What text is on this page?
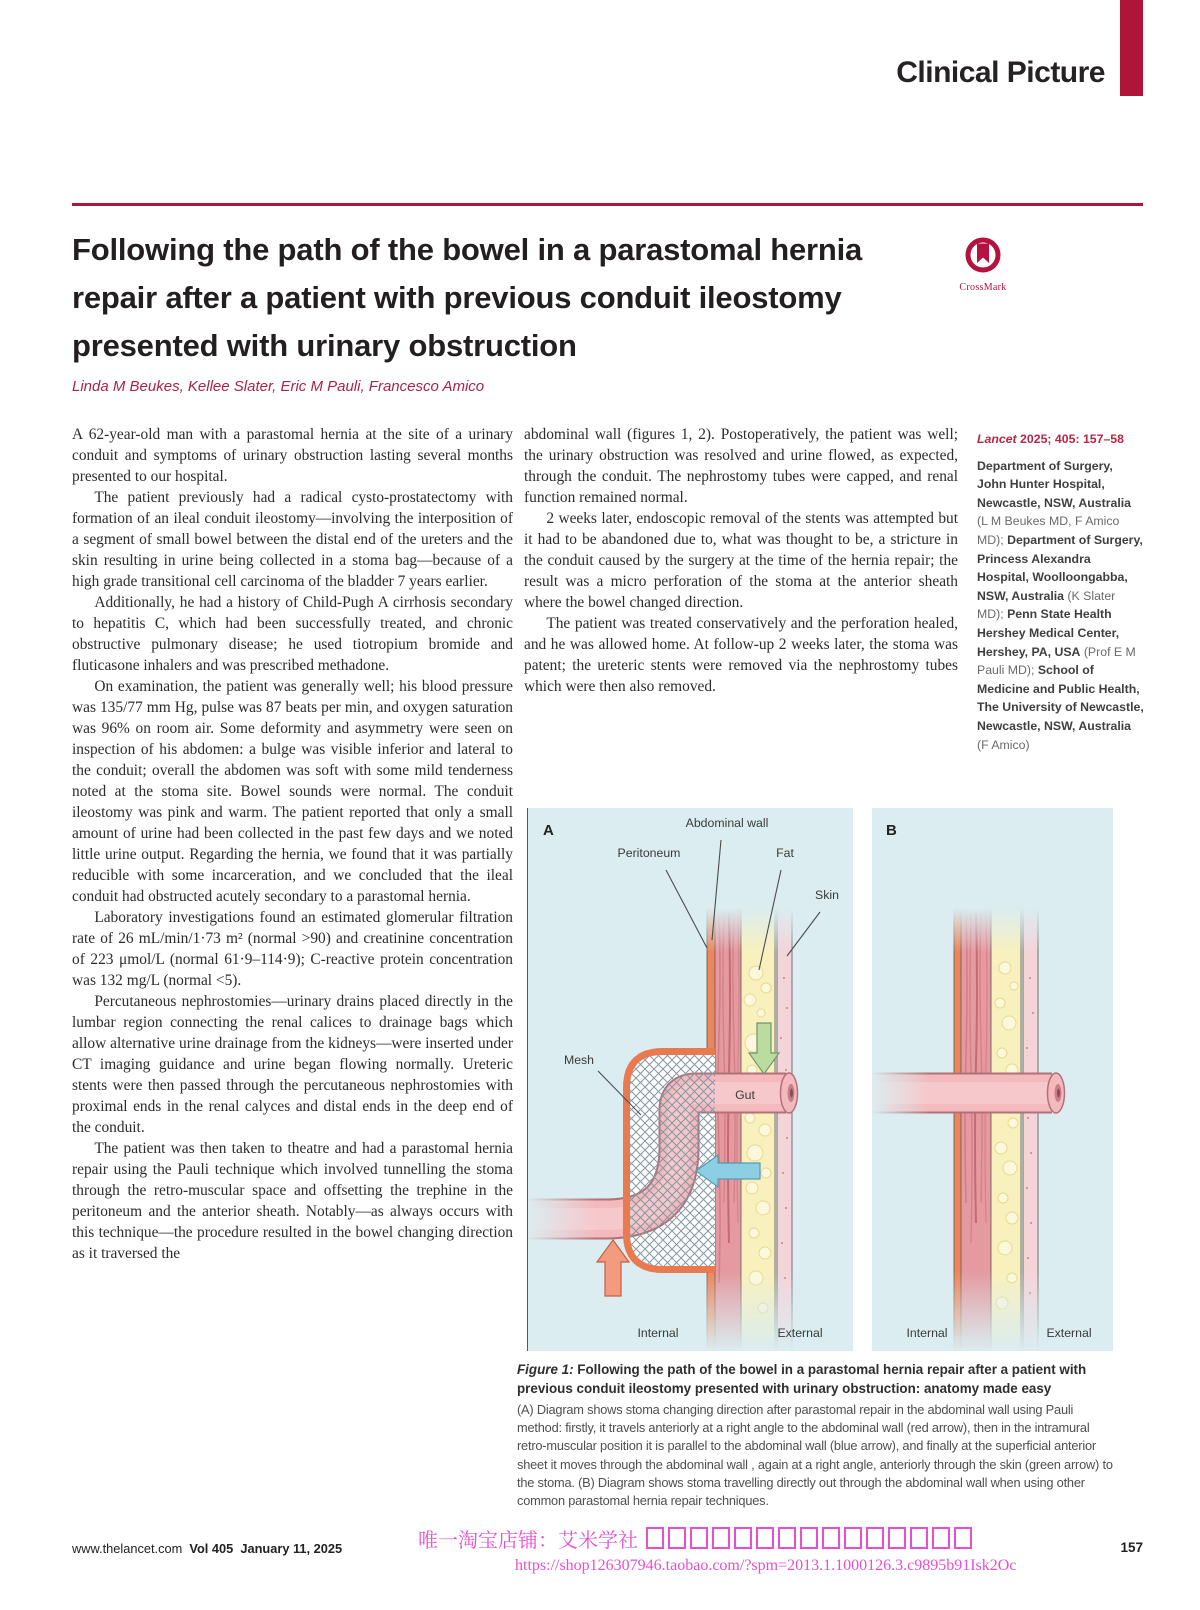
Clinical Picture
Following the path of the bowel in a parastomal hernia repair after a patient with previous conduit ileostomy presented with urinary obstruction
Linda M Beukes, Kellee Slater, Eric M Pauli, Francesco Amico
CrossMark

A 62-year-old man with a parastomal hernia at the site of a urinary conduit and symptoms of urinary obstruction lasting several months presented to our hospital.

The patient previously had a radical cysto-prostatectomy with formation of an ileal conduit ileostomy—involving the interposition of a segment of small bowel between the distal end of the ureters and the skin resulting in urine being collected in a stoma bag—because of a high grade transitional cell carcinoma of the bladder 7 years earlier.

Additionally, he had a history of Child-Pugh A cirrhosis secondary to hepatitis C, which had been successfully treated, and chronic obstructive pulmonary disease; he used tiotropium bromide and fluticasone inhalers and was prescribed methadone.

On examination, the patient was generally well; his blood pressure was 135/77 mm Hg, pulse was 87 beats per min, and oxygen saturation was 96% on room air. Some deformity and asymmetry were seen on inspection of his abdomen: a bulge was visible inferior and lateral to the conduit; overall the abdomen was soft with some mild tenderness noted at the stoma site. Bowel sounds were normal. The conduit ileostomy was pink and warm. The patient reported that only a small amount of urine had been collected in the past few days and we noted little urine output. Regarding the hernia, we found that it was partially reducible with some incarceration, and we concluded that the ileal conduit had obstructed acutely secondary to a parastomal hernia.

Laboratory investigations found an estimated glomerular filtration rate of 26 mL/min/1·73 m² (normal >90) and creatinine concentration of 223 μmol/L (normal 61·9–114·9); C-reactive protein concentration was 132 mg/L (normal <5).

Percutaneous nephrostomies—urinary drains placed directly in the lumbar region connecting the renal calices to drainage bags which allow alternative urine drainage from the kidneys—were inserted under CT imaging guidance and urine began flowing normally. Ureteric stents were then passed through the percutaneous nephrostomies with proximal ends in the renal calyces and distal ends in the deep end of the conduit.

The patient was then taken to theatre and had a parastomal hernia repair using the Pauli technique which involved tunnelling the stoma through the retro-muscular space and offsetting the trephine in the peritoneum and the anterior sheath. Notably—as always occurs with this technique—the procedure resulted in the bowel changing direction as it traversed the

abdominal wall (figures 1, 2). Postoperatively, the patient was well; the urinary obstruction was resolved and urine flowed, as expected, through the conduit. The nephrostomy tubes were capped, and renal function remained normal.

2 weeks later, endoscopic removal of the stents was attempted but it had to be abandoned due to, what was thought to be, a stricture in the conduit caused by the surgery at the time of the hernia repair; the result was a micro perforation of the stoma at the anterior sheath where the bowel changed direction.

The patient was treated conservatively and the perforation healed, and he was allowed home. At follow-up 2 weeks later, the stoma was patent; the ureteric stents were removed via the nephrostomy tubes which were then also removed.

Lancet 2025; 405: 157–58
Department of Surgery, John Hunter Hospital, Newcastle, NSW, Australia (L M Beukes MD, F Amico MD); Department of Surgery, Princess Alexandra Hospital, Woolloongabba, NSW, Australia (K Slater MD); Penn State Health Hershey Medical Center, Hershey, PA, USA (Prof E M Pauli MD); School of Medicine and Public Health, The University of Newcastle, Newcastle, NSW, Australia (F Amico)
A	B
Abdominal wall
Peritoneum	Fat
Skin
Mesh
Gut
Internal	External	Internal	External
Figure 1: Following the path of the bowel in a parastomal hernia repair after a patient with previous conduit ileostomy presented with urinary obstruction: anatomy made easy
(A) Diagram shows stoma changing direction after parastomal repair in the abdominal wall using Pauli method: firstly, it travels anteriorly at a right angle to the abdominal wall (red arrow), then in the intramural retro-muscular position it is parallel to the abdominal wall (blue arrow), and finally at the superficial anterior sheet it moves through the abdominal wall , again at a right angle, anteriorly through the skin (green arrow) to the stoma. (B) Diagram shows stoma travelling directly out through the abdominal wall when using other common parastomal hernia repair techniques.
www.thelancet.com Vol 405 January 11, 2025	157
唯一淘宝店铺：艾米学社
https://shop126307946.taobao.com/?spm=2013.1.1000126.3.c9895b91Isk2Oc
